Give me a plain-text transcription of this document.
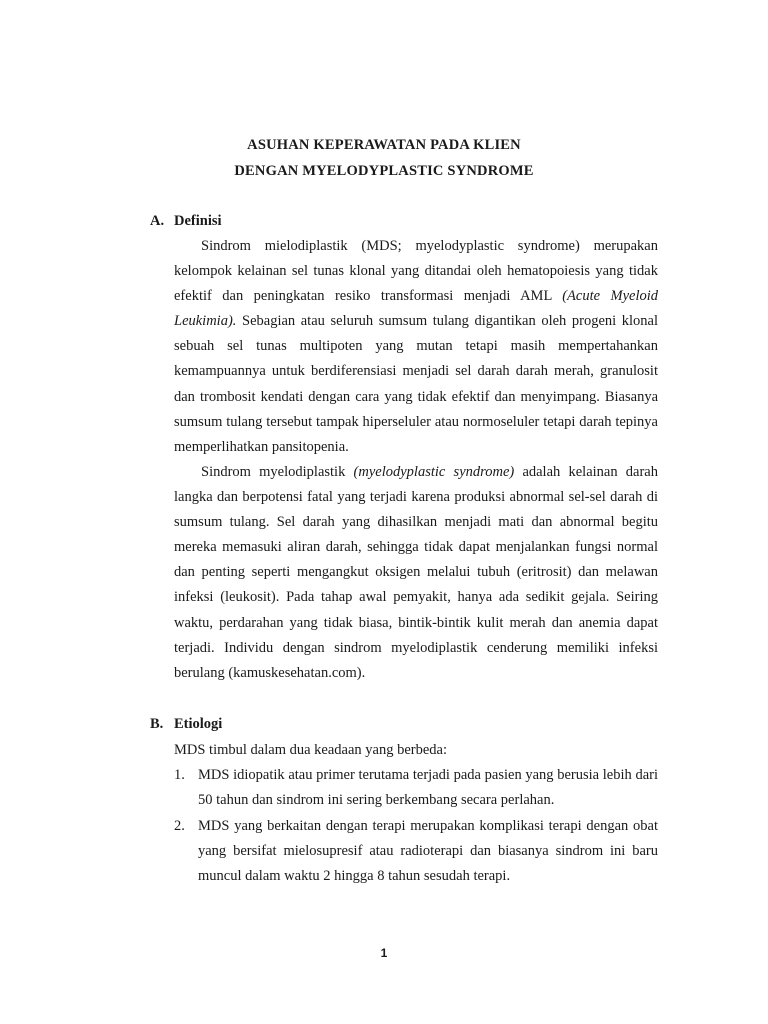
ASUHAN KEPERAWATAN PADA KLIEN
DENGAN MYELODYPLASTIC SYNDROME
A. Definisi

Sindrom mielodiplastik (MDS; myelodyplastic syndrome) merupakan kelompok kelainan sel tunas klonal yang ditandai oleh hematopoiesis yang tidak efektif dan peningkatan resiko transformasi menjadi AML (Acute Myeloid Leukimia). Sebagian atau seluruh sumsum tulang digantikan oleh progeni klonal sebuah sel tunas multipoten yang mutan tetapi masih mempertahankan kemampuannya untuk berdiferensiasi menjadi sel darah darah merah, granulosit dan trombosit kendati dengan cara yang tidak efektif dan menyimpang. Biasanya sumsum tulang tersebut tampak hiperseluler atau normoseluler tetapi darah tepinya memperlihatkan pansitopenia.

Sindrom myelodiplastik (myelodyplastic syndrome) adalah kelainan darah langka dan berpotensi fatal yang terjadi karena produksi abnormal sel-sel darah di sumsum tulang. Sel darah yang dihasilkan menjadi mati dan abnormal begitu mereka memasuki aliran darah, sehingga tidak dapat menjalankan fungsi normal dan penting seperti mengangkut oksigen melalui tubuh (eritrosit) dan melawan infeksi (leukosit). Pada tahap awal pemyakit, hanya ada sedikit gejala. Seiring waktu, perdarahan yang tidak biasa, bintik-bintik kulit merah dan anemia dapat terjadi. Individu dengan sindrom myelodiplastik cenderung memiliki infeksi berulang (kamuskesehatan.com).

B. Etiologi
MDS timbul dalam dua keadaan yang berbeda:
1. MDS idiopatik atau primer terutama terjadi pada pasien yang berusia lebih dari 50 tahun dan sindrom ini sering berkembang secara perlahan.

2. MDS yang berkaitan dengan terapi merupakan komplikasi terapi dengan obat yang bersifat mielosupresif atau radioterapi dan biasanya sindrom ini baru muncul dalam waktu 2 hingga 8 tahun sesudah terapi.

1
